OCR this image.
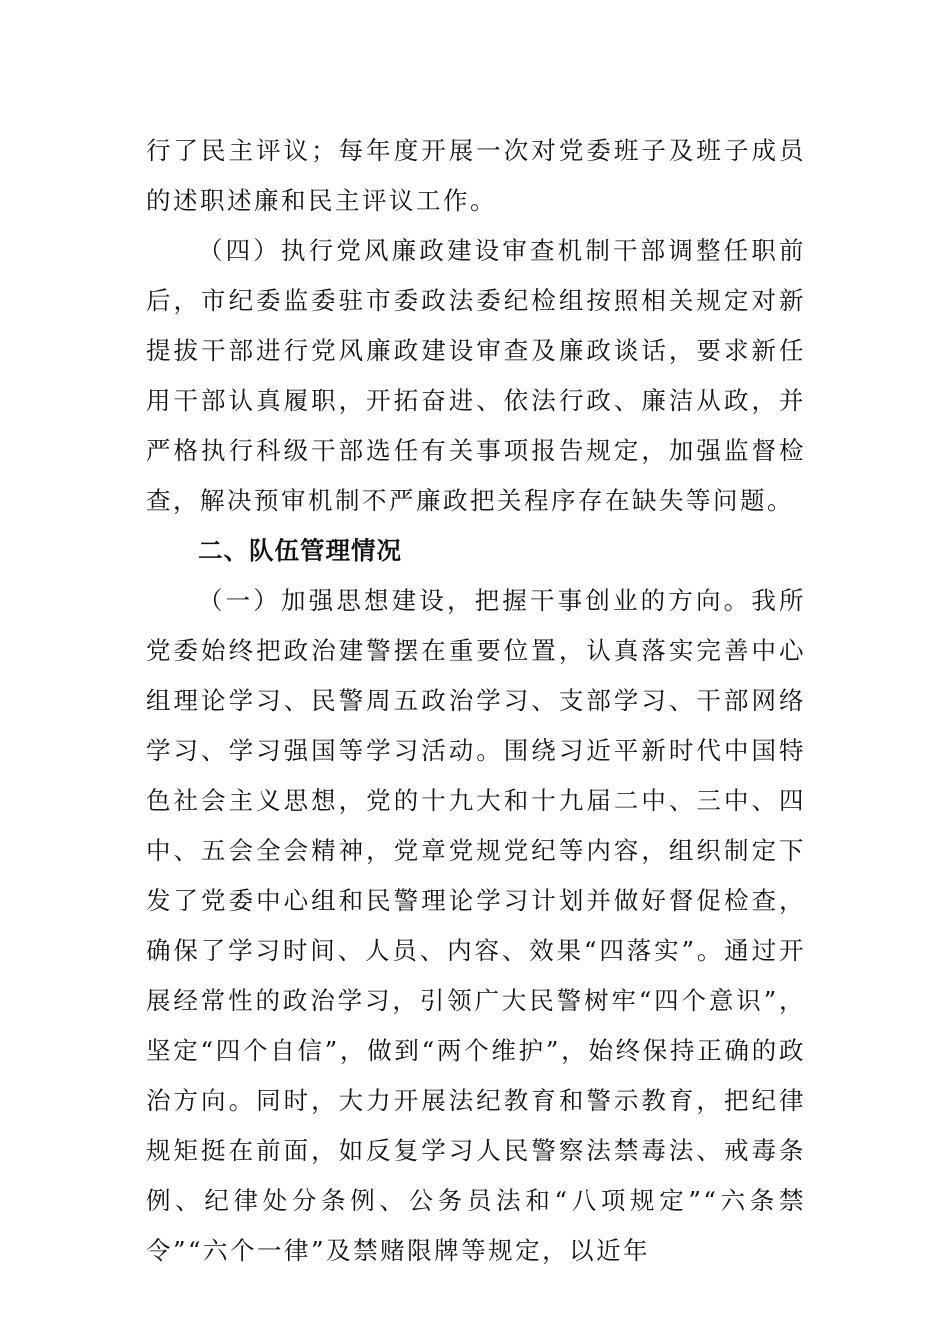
行了民主评议；每年度开展一次对党委班子及班子成员的述职述廉和民主评议工作。

（四）执行党风廉政建设审查机制干部调整任职前后，市纪委监委驻市委政法委纪检组按照相关规定对新提拔干部进行党风廉政建设审查及廉政谈话，要求新任用干部认真履职，开拓奋进、依法行政、廉洁从政，并严格执行科级干部选任有关事项报告规定，加强监督检查，解决预审机制不严廉政把关程序存在缺失等问题。

二、队伍管理情况

（一）加强思想建设，把握干事创业的方向。我所党委始终把政治建警摆在重要位置，认真落实完善中心组理论学习、民警周五政治学习、支部学习、干部网络学习、学习强国等学习活动。围绕习近平新时代中国特色社会主义思想，党的十九大和十九届二中、三中、四中、五会全会精神，党章党规党纪等内容，组织制定下发了党委中心组和民警理论学习计划并做好督促检查，确保了学习时间、人员、内容、效果“四落实”。通过开展经常性的政治学习，引领广大民警树牢“四个意识”，坚定“四个自信”，做到“两个维护”，始终保持正确的政治方向。同时，大力开展法纪教育和警示教育，把纪律规矩挺在前面，如反复学习人民警察法禁毒法、戒毒条例、纪律处分条例、公务员法和“八项规定”“六条禁令”“六个一律”及禁赌限牌等规定，以近年
